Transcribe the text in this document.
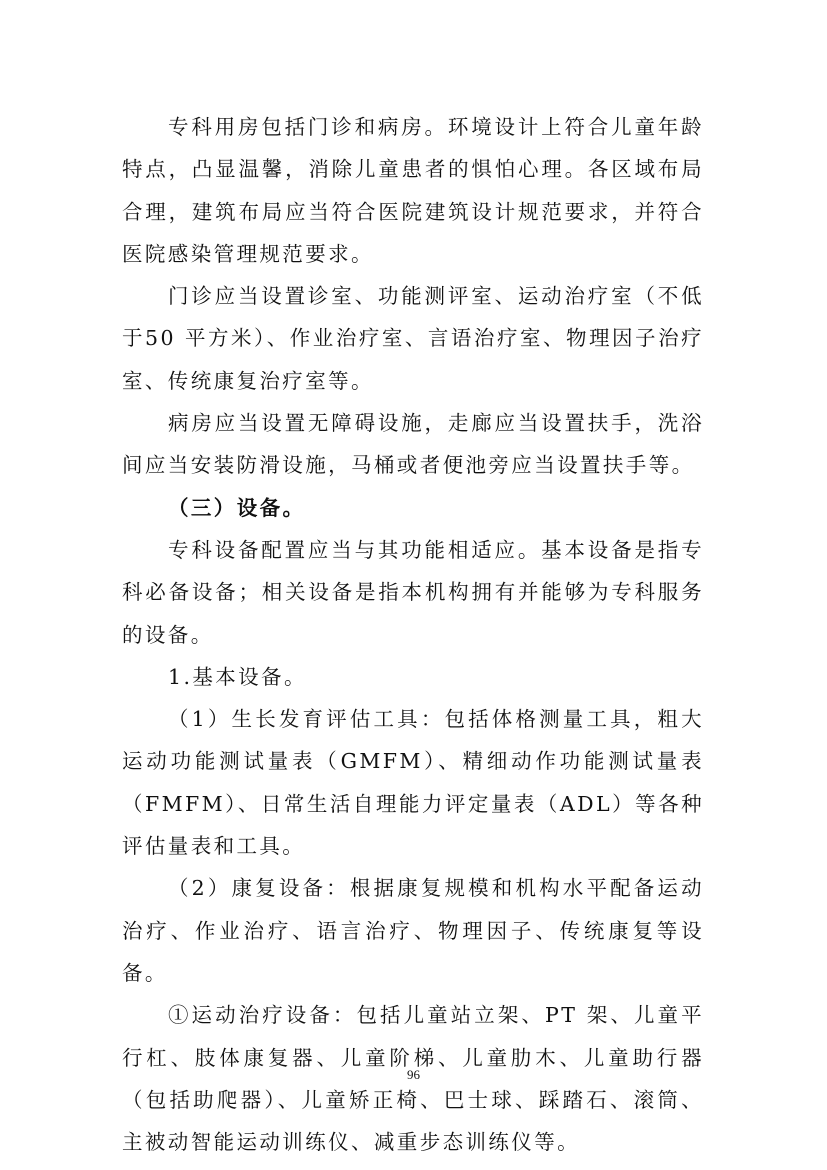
专科用房包括门诊和病房。环境设计上符合儿童年龄特点，凸显温馨，消除儿童患者的惧怕心理。各区域布局合理，建筑布局应当符合医院建筑设计规范要求，并符合医院感染管理规范要求。

门诊应当设置诊室、功能测评室、运动治疗室（不低于50 平方米）、作业治疗室、言语治疗室、物理因子治疗室、传统康复治疗室等。

病房应当设置无障碍设施，走廊应当设置扶手，洗浴间应当安装防滑设施，马桶或者便池旁应当设置扶手等。

（三）设备。

专科设备配置应当与其功能相适应。基本设备是指专科必备设备；相关设备是指本机构拥有并能够为专科服务的设备。

1.基本设备。

（1）生长发育评估工具：包括体格测量工具，粗大运动功能测试量表（GMFM）、精细动作功能测试量表（FMFM）、日常生活自理能力评定量表（ADL）等各种评估量表和工具。

（2）康复设备：根据康复规模和机构水平配备运动治疗、作业治疗、语言治疗、物理因子、传统康复等设备。

①运动治疗设备：包括儿童站立架、PT 架、儿童平行杠、肢体康复器、儿童阶梯、儿童肋木、儿童助行器（包括助爬器）、儿童矫正椅、巴士球、踩踏石、滚筒、主被动智能运动训练仪、减重步态训练仪等。

96
